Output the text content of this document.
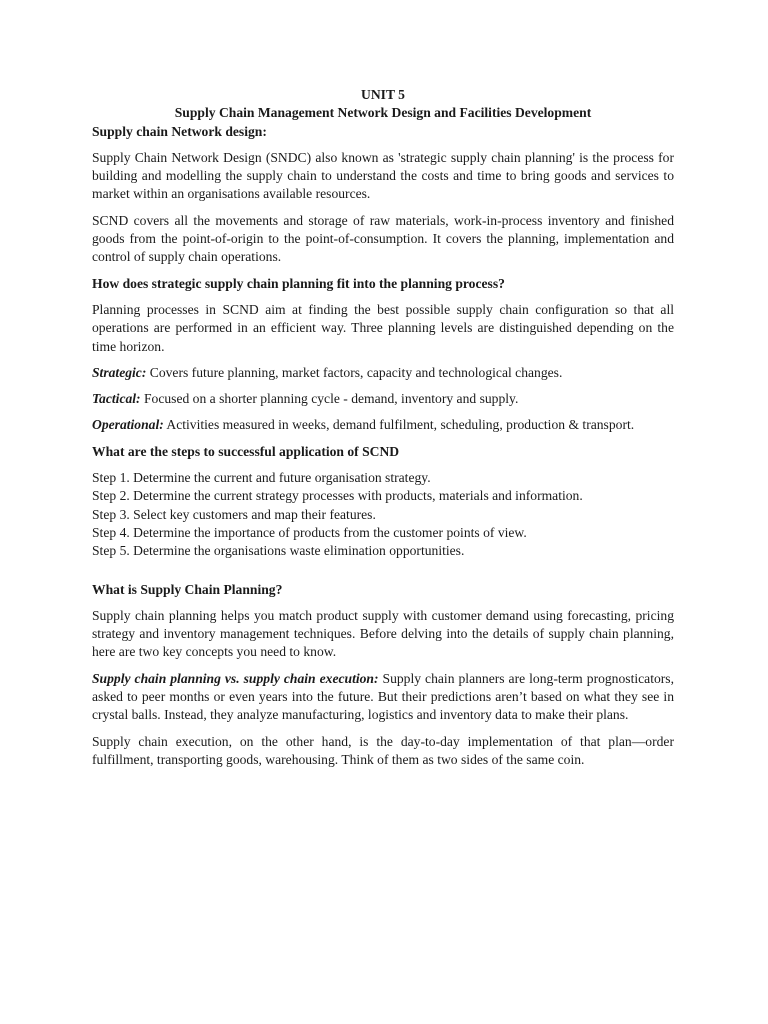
UNIT 5
Supply Chain Management Network Design and Facilities Development
Supply chain Network design:

Supply Chain Network Design (SNDC) also known as 'strategic supply chain planning' is the process for building and modelling the supply chain to understand the costs and time to bring goods and services to market within an organisations available resources.

SCND covers all the movements and storage of raw materials, work-in-process inventory and finished goods from the point-of-origin to the point-of-consumption. It covers the planning, implementation and control of supply chain operations.

How does strategic supply chain planning fit into the planning process?

Planning processes in SCND aim at finding the best possible supply chain configuration so that all operations are performed in an efficient way. Three planning levels are distinguished depending on the time horizon.

Strategic: Covers future planning, market factors, capacity and technological changes.

Tactical: Focused on a shorter planning cycle - demand, inventory and supply.

Operational: Activities measured in weeks, demand fulfilment, scheduling, production & transport.

What are the steps to successful application of SCND
Step 1. Determine the current and future organisation strategy.
Step 2. Determine the current strategy processes with products, materials and information.
Step 3. Select key customers and map their features.
Step 4. Determine the importance of products from the customer points of view.
Step 5. Determine the organisations waste elimination opportunities.
What is Supply Chain Planning?

Supply chain planning helps you match product supply with customer demand using forecasting, pricing strategy and inventory management techniques. Before delving into the details of supply chain planning, here are two key concepts you need to know.

Supply chain planning vs. supply chain execution: Supply chain planners are long-term prognosticators, asked to peer months or even years into the future. But their predictions aren’t based on what they see in crystal balls. Instead, they analyze manufacturing, logistics and inventory data to make their plans.

Supply chain execution, on the other hand, is the day-to-day implementation of that plan—order fulfillment, transporting goods, warehousing. Think of them as two sides of the same coin.
